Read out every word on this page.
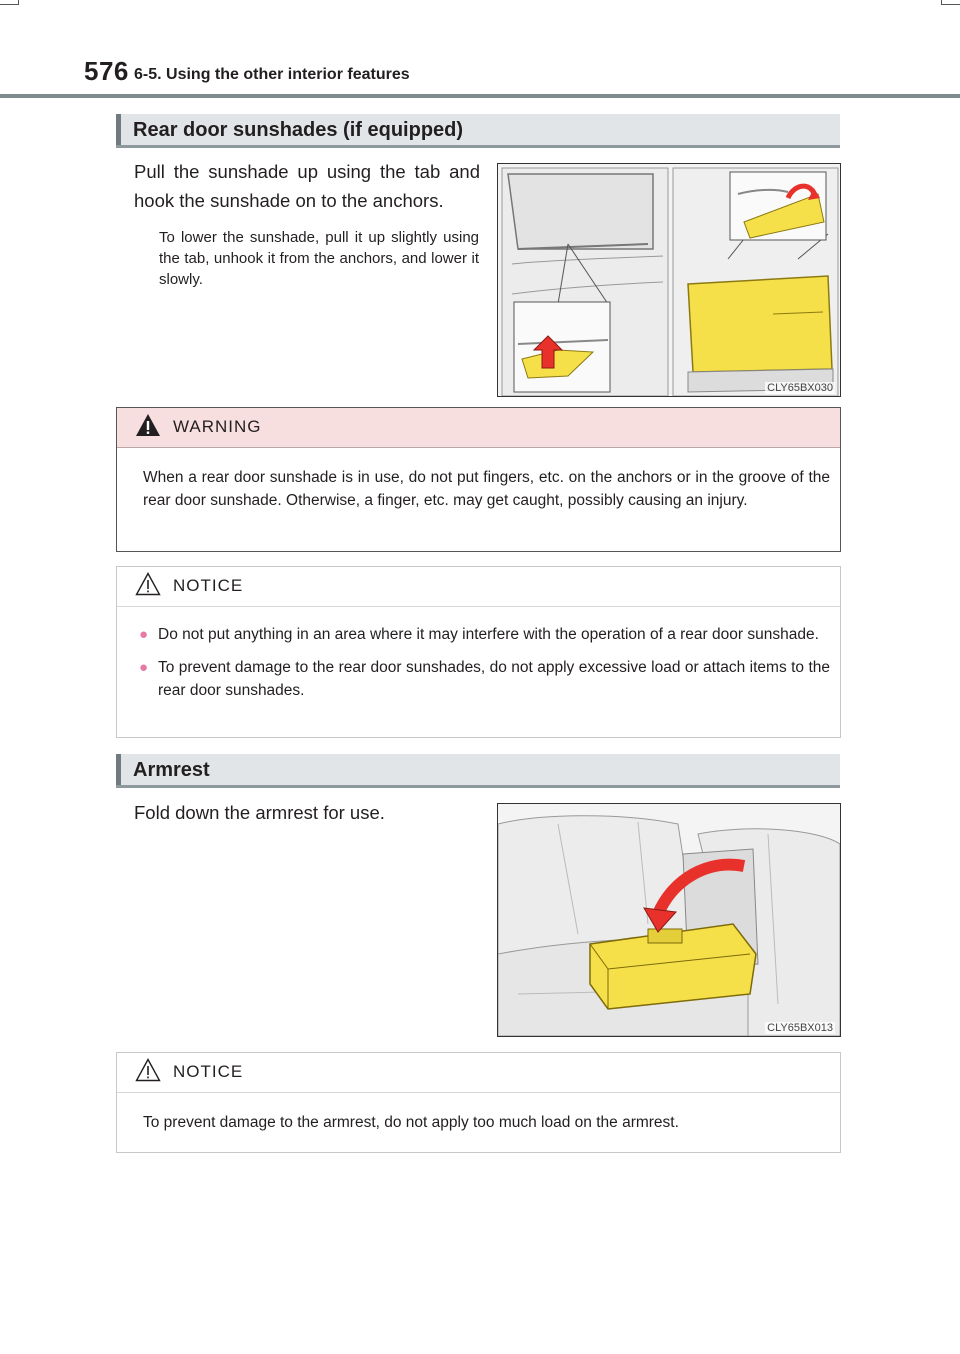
576 6-5. Using the other interior features
Rear door sunshades (if equipped)
Pull the sunshade up using the tab and hook the sunshade on to the anchors.
To lower the sunshade, pull it up slightly using the tab, unhook it from the anchors, and lower it slowly.
CLY65BX030
WARNING
When a rear door sunshade is in use, do not put fingers, etc. on the anchors or in the groove of the rear door sunshade. Otherwise, a finger, etc. may get caught, possibly causing an injury.
NOTICE
● Do not put anything in an area where it may interfere with the operation of a rear door sunshade.
● To prevent damage to the rear door sunshades, do not apply excessive load or attach items to the rear door sunshades.
Armrest
Fold down the armrest for use.
CLY65BX013
NOTICE
To prevent damage to the armrest, do not apply too much load on the armrest.
